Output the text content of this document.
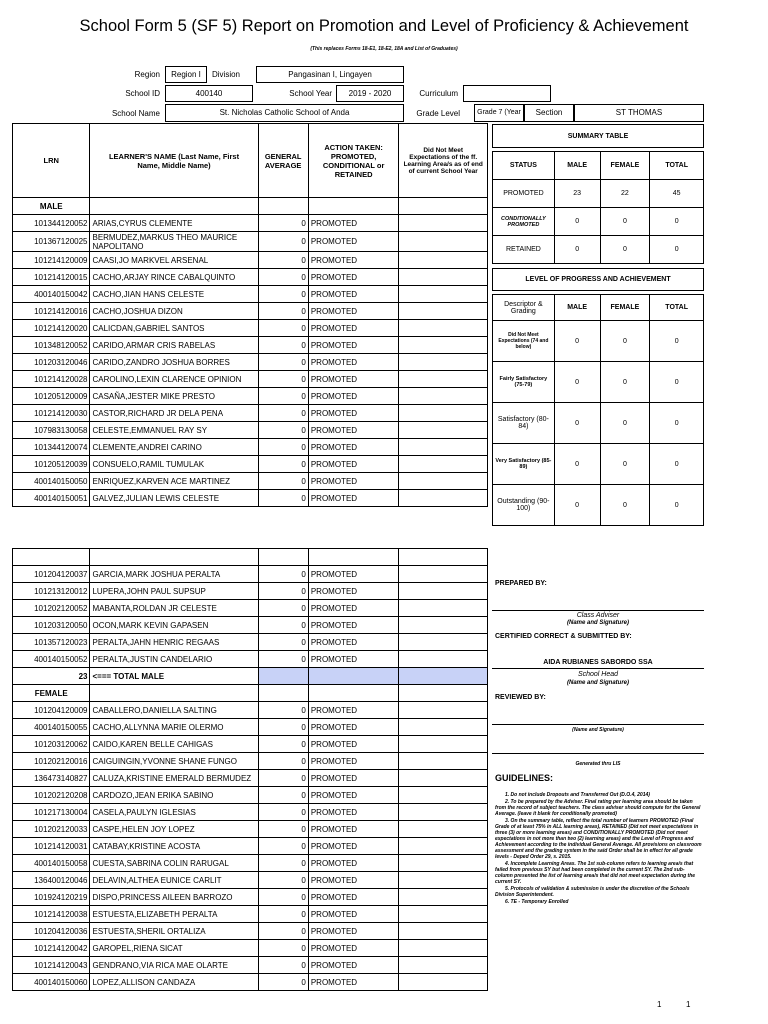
School Form 5 (SF 5) Report on Promotion and Level of Proficiency & Achievement
(This replaces Forms 18-E1, 18-E2, 18A and List of Graduates)
Region	Region I	Division	Pangasinan I, Lingayen
School ID	400140	School Year	2019 - 2020	Curriculum
School Name	St. Nicholas Catholic School of Anda	Grade Level	Grade 7 (Year	Section	ST THOMAS
LRN	LEARNER'S NAME (Last Name, First Name, Middle Name)	GENERAL AVERAGE	ACTION TAKEN: PROMOTED, CONDITIONAL or RETAINED	Did Not Meet Expectations of the ff. Learning Area/s as of end of current School Year
MALE				
101344120052	ARIAS,CYRUS CLEMENTE	0	PROMOTED	
101367120025	BERMUDEZ,MARKUS THEO MAURICE NAPOLITANO	0	PROMOTED	
101214120009	CAASI,JO MARKVEL ARSENAL	0	PROMOTED	
101214120015	CACHO,ARJAY RINCE CABALQUINTO	0	PROMOTED	
400140150042	CACHO,JIAN HANS CELESTE	0	PROMOTED	
101214120016	CACHO,JOSHUA DIZON	0	PROMOTED	
101214120020	CALICDAN,GABRIEL SANTOS	0	PROMOTED	
101348120052	CARIDO,ARMAR CRIS RABELAS	0	PROMOTED	
101203120046	CARIDO,ZANDRO JOSHUA BORRES	0	PROMOTED	
101214120028	CAROLINO,LEXIN CLARENCE OPINION	0	PROMOTED	
101205120009	CASAÑA,JESTER MIKE PRESTO	0	PROMOTED	
101214120030	CASTOR,RICHARD JR DELA PENA	0	PROMOTED	
107983130058	CELESTE,EMMANUEL RAY SY	0	PROMOTED	
101344120074	CLEMENTE,ANDREI CARINO	0	PROMOTED	
101205120039	CONSUELO,RAMIL TUMULAK	0	PROMOTED	
400140150050	ENRIQUEZ,KARVEN ACE MARTINEZ	0	PROMOTED	
400140150051	GALVEZ,JULIAN LEWIS CELESTE	0	PROMOTED	

101204120037	GARCIA,MARK JOSHUA PERALTA	0	PROMOTED	
101213120012	LUPERA,JOHN PAUL SUPSUP	0	PROMOTED	
101202120052	MABANTA,ROLDAN JR CELESTE	0	PROMOTED	
101203120050	OCON,MARK KEVIN GAPASEN	0	PROMOTED	
101357120023	PERALTA,JAHN HENRIC REGAAS	0	PROMOTED	
400140150052	PERALTA,JUSTIN CANDELARIO	0	PROMOTED	
23	<=== TOTAL MALE			
FEMALE				
101204120009	CABALLERO,DANIELLA SALTING	0	PROMOTED	
400140150055	CACHO,ALLYNNA MARIE OLERMO	0	PROMOTED	
101203120062	CAIDO,KAREN BELLE CAHIGAS	0	PROMOTED	
101202120016	CAIGUINGIN,YVONNE SHANE FUNGO	0	PROMOTED	
136473140827	CALUZA,KRISTINE EMERALD BERMUDEZ	0	PROMOTED	
101202120208	CARDOZO,JEAN ERIKA SABINO	0	PROMOTED	
101217130004	CASELA,PAULYN IGLESIAS	0	PROMOTED	
101202120033	CASPE,HELEN JOY LOPEZ	0	PROMOTED	
101214120031	CATABAY,KRISTINE ACOSTA	0	PROMOTED	
400140150058	CUESTA,SABRINA COLIN RARUGAL	0	PROMOTED	
136400120046	DELAVIN,ALTHEA EUNICE CARLIT	0	PROMOTED	
101924120219	DISPO,PRINCESS AILEEN BARROZO	0	PROMOTED	
101214120038	ESTUESTA,ELIZABETH PERALTA	0	PROMOTED	
101204120036	ESTUESTA,SHERIL ORTALIZA	0	PROMOTED	
101214120042	GAROPEL,RIENA SICAT	0	PROMOTED	
101214120043	GENDRANO,VIA RICA MAE OLARTE	0	PROMOTED	
400140150060	LOPEZ,ALLISON CANDAZA	0	PROMOTED	
SUMMARY TABLE			

STATUS	MALE	FEMALE	TOTAL
PROMOTED	23	22	45
CONDITIONALLY PROMOTED	0	0	0
RETAINED	0	0	0
LEVEL OF PROGRESS AND ACHIEVEMENT			

Descriptor & Grading	MALE	FEMALE	TOTAL
Did Not Meet Expectations (74 and below)	0	0	0
Fairly Satisfactory (75-79)	0	0	0
Satisfactory (80-84)	0	0	0
Very Satisfactory (85-89)	0	0	0
Outstanding (90-100)	0	0	0
PREPARED BY:
Class Adviser
(Name and Signature)
CERTIFIED CORRECT & SUBMITTED BY:
AIDA RUBIANES SABORDO SSA
School Head
(Name and Signature)
REVIEWED BY:
(Name and Signature)
Generated thru LIS
GUIDELINES:

1. Do not include Dropouts and Transferred Out (D.O.4, 2014)

2. To be prepared by the Adviser. Final rating per learning area should be taken from the record of subject teachers. The class adviser should compute for the General Average. (leave it blank for conditionally promoted)

3. On the summary table, reflect the total number of learners PROMOTED (Final Grade of at least 75% in ALL learning areas), RETAINED (Did not meet expectations in three (3) or more learning areas) and CONDITIONALLY PROMOTED (Did not meet expectations in not more than two (2) learning areas) and the Level of Progress and Achievement according to the individual General Average. All provisions on classroom assessment and the grading system in the said Order shall be in effect for all grade levels - Deped Order 29, s. 2015.

4. Incomplete Learning Areas. The 1st sub-column refers to learning area/s that failed from previous SY but had been completed in the current SY. The 2nd sub-column presented the list of learning area/s that did not meet expectation during the current SY.

5. Protocols of validation & submission is under the discretion of the Schools Division Superintendent.

6. TE - Temporary Enrolled

1	1
